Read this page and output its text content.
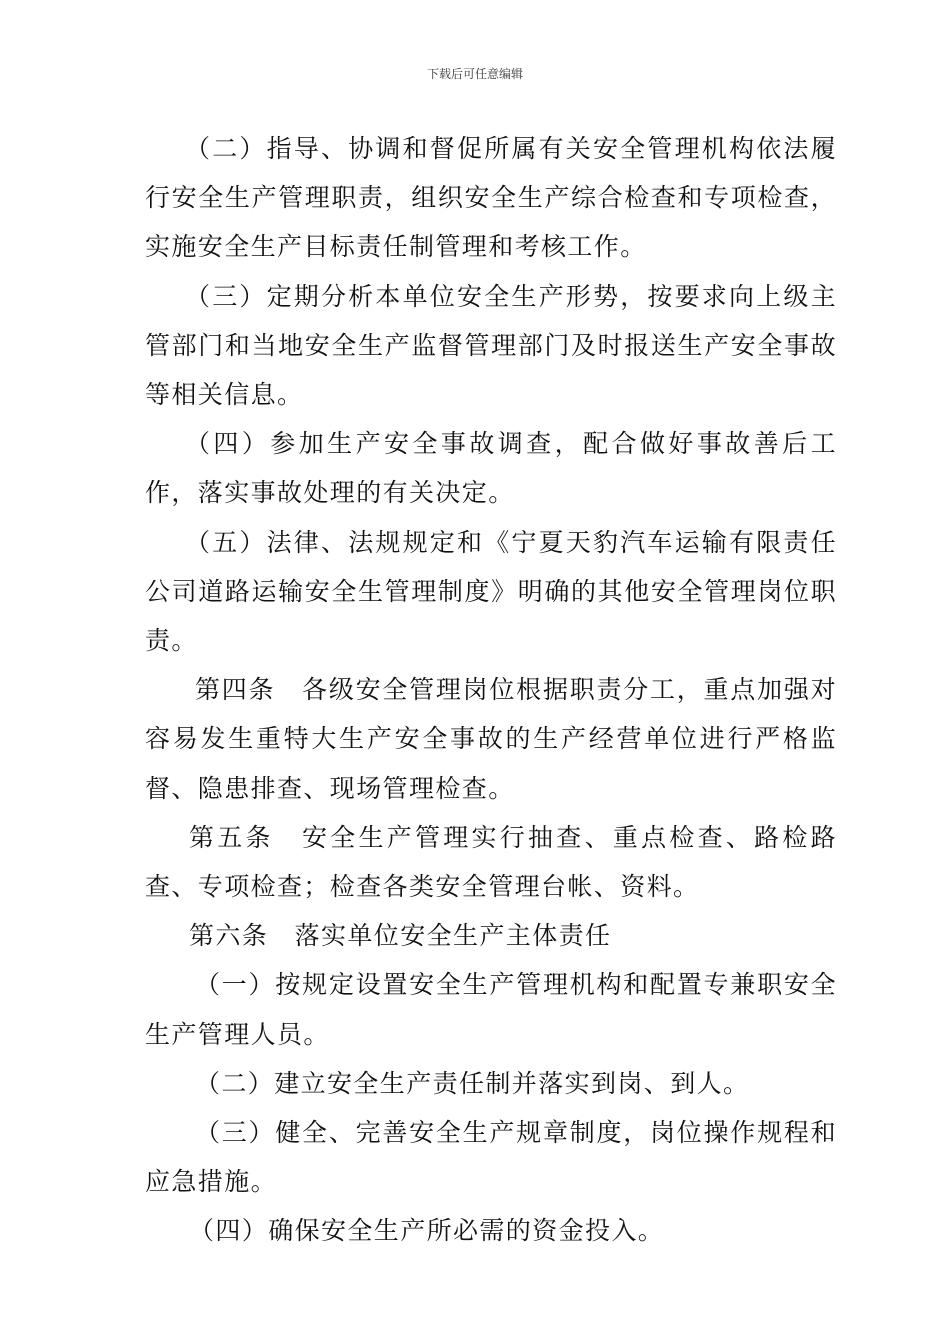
下载后可任意编辑

（二）指导、协调和督促所属有关安全管理机构依法履行安全生产管理职责，组织安全生产综合检查和专项检查，实施安全生产目标责任制管理和考核工作。

（三）定期分析本单位安全生产形势，按要求向上级主管部门和当地安全生产监督管理部门及时报送生产安全事故等相关信息。

（四）参加生产安全事故调查，配合做好事故善后工作，落实事故处理的有关决定。

（五）法律、法规规定和《宁夏天豹汽车运输有限责任公司道路运输安全生管理制度》明确的其他安全管理岗位职责。

第四条　各级安全管理岗位根据职责分工，重点加强对容易发生重特大生产安全事故的生产经营单位进行严格监督、隐患排查、现场管理检查。

第五条　安全生产管理实行抽查、重点检查、路检路查、专项检查；检查各类安全管理台帐、资料。

第六条　落实单位安全生产主体责任

（一）按规定设置安全生产管理机构和配置专兼职安全生产管理人员。

（二）建立安全生产责任制并落实到岗、到人。

（三）健全、完善安全生产规章制度，岗位操作规程和应急措施。

（四）确保安全生产所必需的资金投入。
